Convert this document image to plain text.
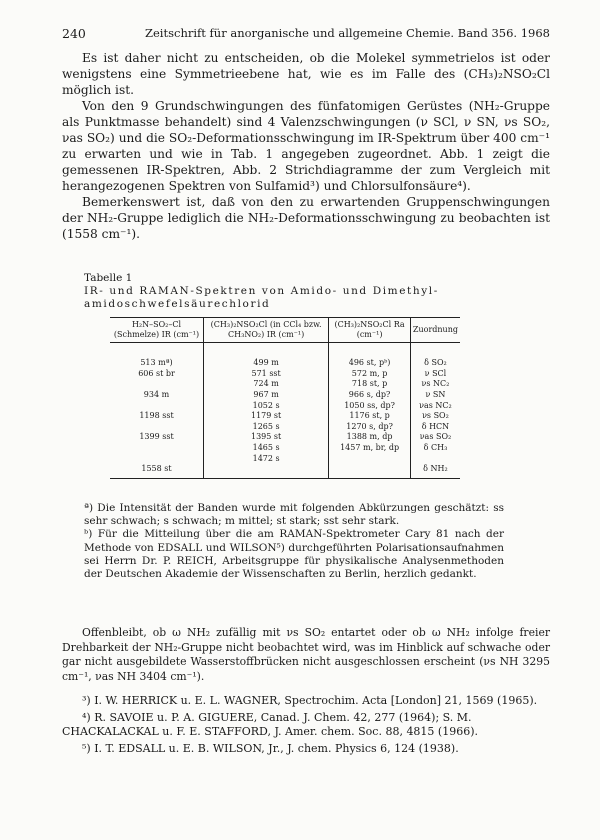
240	Zeitschrift für anorganische und allgemeine Chemie. Band 356. 1968

Es ist daher nicht zu entscheiden, ob die Molekel symmetrielos ist oder wenigstens eine Symmetrieebene hat, wie es im Falle des (CH₃)₂NSO₂Cl möglich ist.

Von den 9 Grundschwingungen des fünfatomigen Gerüstes (NH₂-Gruppe als Punktmasse behandelt) sind 4 Valenzschwingungen (ν SCl, ν SN, νs SO₂, νas SO₂) und die SO₂-Deformationsschwingung im IR-Spektrum über 400 cm⁻¹ zu erwarten und wie in Tab. 1 angegeben zugeordnet. Abb. 1 zeigt die gemessenen IR-Spektren, Abb. 2 Strichdiagramme der zum Vergleich mit herangezogenen Spektren von Sulfamid³) und Chlorsulfonsäure⁴).

Bemerkenswert ist, daß von den zu erwartenden Gruppenschwingungen der NH₂-Gruppe lediglich die NH₂-Deformationsschwingung zu beobachten ist (1558 cm⁻¹).

Tabelle 1
IR- und RAMAN-Spektren von Amido- und Dimethyl-
amidoschwefelsäurechlorid
H₂N–SO₂–Cl (Schmelze) IR (cm⁻¹)	(CH₃)₂NSO₂Cl (in CCl₄ bzw. CH₃NO₂) IR (cm⁻¹)	(CH₃)₂NSO₂Cl Ra (cm⁻¹)	Zuordnung
513 mª)	499 m	496 st, pᵇ)	δ SO₂
606 st br	571 sst	572 m, p	ν SCl
	724 m	718 st, p	νs NC₂
934 m	967 m	966 s, dp?	ν SN
	1052 s	1050 ss, dp?	νas NC₂
1198 sst	1179 st	1176 st, p	νs SO₂
	1265 s	1270 s, dp?	δ HCN
1399 sst	1395 st	1388 m, dp	νas SO₂
	1465 s	1457 m, br, dp	δ CH₃
	1472 s		
1558 st			δ NH₂

ª) Die Intensität der Banden wurde mit folgenden Abkürzungen geschätzt: ss sehr schwach; s schwach; m mittel; st stark; sst sehr stark.

ᵇ) Für die Mitteilung über die am RAMAN-Spektrometer Cary 81 nach der Methode von EDSALL und WILSON⁵) durchgeführten Polarisationsaufnahmen sei Herrn Dr. P. REICH, Arbeitsgruppe für physikalische Analysenmethoden der Deutschen Akademie der Wissenschaften zu Berlin, herzlich gedankt.

Offenbleibt, ob ω NH₂ zufällig mit νs SO₂ entartet oder ob ω NH₂ infolge freier Drehbarkeit der NH₂-Gruppe nicht beobachtet wird, was im Hinblick auf schwache oder gar nicht ausgebildete Wasserstoffbrücken nicht ausgeschlossen erscheint (νs NH 3295 cm⁻¹, νas NH 3404 cm⁻¹).

³) I. W. HERRICK u. E. L. WAGNER, Spectrochim. Acta [London] 21, 1569 (1965).

⁴) R. SAVOIE u. P. A. GIGUERE, Canad. J. Chem. 42, 277 (1964); S. M. CHACKALACKAL u. F. E. STAFFORD, J. Amer. chem. Soc. 88, 4815 (1966).

⁵) I. T. EDSALL u. E. B. WILSON, Jr., J. chem. Physics 6, 124 (1938).
